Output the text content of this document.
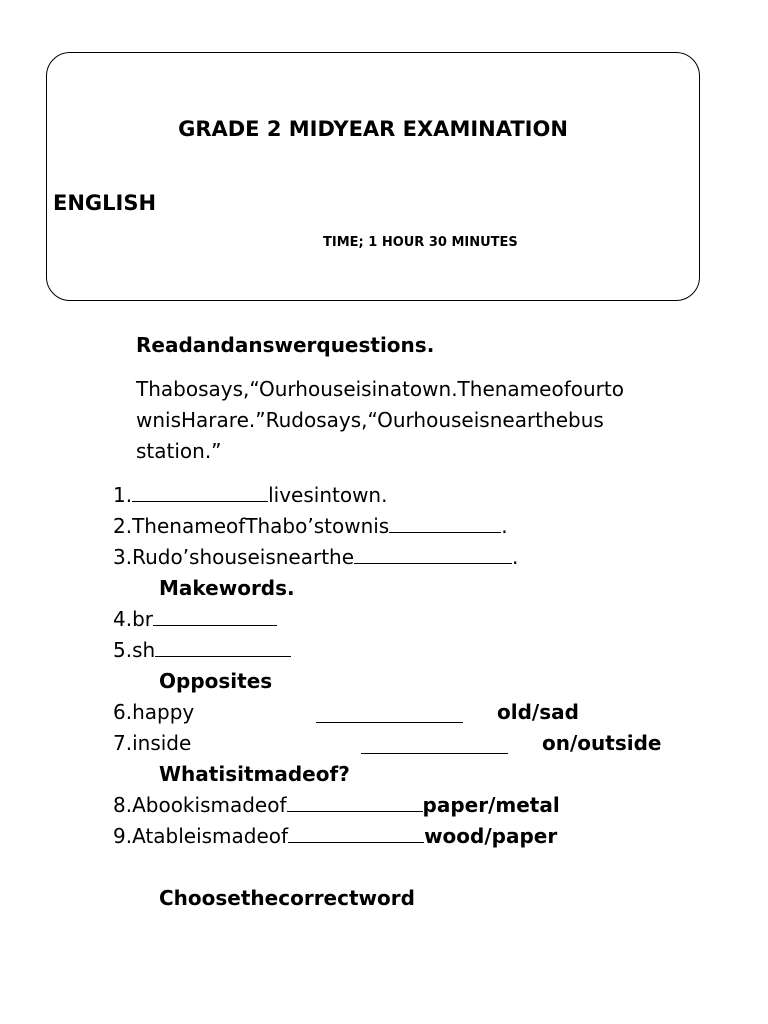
GRADE 2 MIDYEAR EXAMINATION
ENGLISH
TIME; 1 HOUR 30 MINUTES
Readandanswerquestions.
Thabosays,“Ourhouseisinatown.Thenameofourto
wnisHarare.”Rudosays,“Ourhouseisnearthebus
station.”
1.	livesintown.
2.ThenameofThabo’stownis	.
3.Rudo’shouseisnearthe	.
Makewords.
4.br
5.sh
Opposites
6.happy	old/sad
7.inside	on/outside
Whatisitmadeof?
8.Abookismadeof	paper/metal
9.Atableismadeof	wood/paper
Choosethecorrectword
